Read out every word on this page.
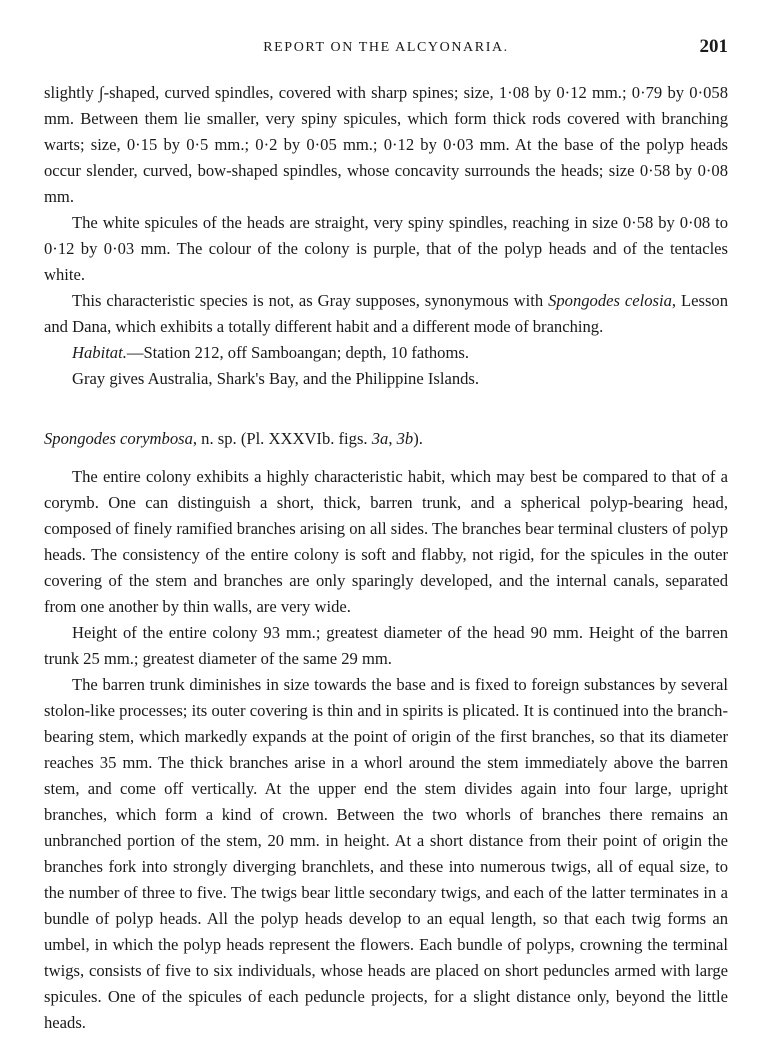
REPORT ON THE ALCYONARIA.	201

slightly ∫-shaped, curved spindles, covered with sharp spines; size, 1·08 by 0·12 mm.; 0·79 by 0·058 mm. Between them lie smaller, very spiny spicules, which form thick rods covered with branching warts; size, 0·15 by 0·5 mm.; 0·2 by 0·05 mm.; 0·12 by 0·03 mm. At the base of the polyp heads occur slender, curved, bow-shaped spindles, whose concavity surrounds the heads; size 0·58 by 0·08 mm.

The white spicules of the heads are straight, very spiny spindles, reaching in size 0·58 by 0·08 to 0·12 by 0·03 mm. The colour of the colony is purple, that of the polyp heads and of the tentacles white.

This characteristic species is not, as Gray supposes, synonymous with Spongodes celosia, Lesson and Dana, which exhibits a totally different habit and a different mode of branching.

Habitat.—Station 212, off Samboangan; depth, 10 fathoms.

Gray gives Australia, Shark's Bay, and the Philippine Islands.

Spongodes corymbosa, n. sp. (Pl. XXXVIb. figs. 3a, 3b).

The entire colony exhibits a highly characteristic habit, which may best be compared to that of a corymb. One can distinguish a short, thick, barren trunk, and a spherical polyp-bearing head, composed of finely ramified branches arising on all sides. The branches bear terminal clusters of polyp heads. The consistency of the entire colony is soft and flabby, not rigid, for the spicules in the outer covering of the stem and branches are only sparingly developed, and the internal canals, separated from one another by thin walls, are very wide.

Height of the entire colony 93 mm.; greatest diameter of the head 90 mm. Height of the barren trunk 25 mm.; greatest diameter of the same 29 mm.

The barren trunk diminishes in size towards the base and is fixed to foreign substances by several stolon-like processes; its outer covering is thin and in spirits is plicated. It is continued into the branch-bearing stem, which markedly expands at the point of origin of the first branches, so that its diameter reaches 35 mm. The thick branches arise in a whorl around the stem immediately above the barren stem, and come off vertically. At the upper end the stem divides again into four large, upright branches, which form a kind of crown. Between the two whorls of branches there remains an unbranched portion of the stem, 20 mm. in height. At a short distance from their point of origin the branches fork into strongly diverging branchlets, and these into numerous twigs, all of equal size, to the number of three to five. The twigs bear little secondary twigs, and each of the latter terminates in a bundle of polyp heads. All the polyp heads develop to an equal length, so that each twig forms an umbel, in which the polyp heads represent the flowers. Each bundle of polyps, crowning the terminal twigs, consists of five to six individuals, whose heads are placed on short peduncles armed with large spicules. One of the spicules of each peduncle projects, for a slight distance only, beyond the little heads.
